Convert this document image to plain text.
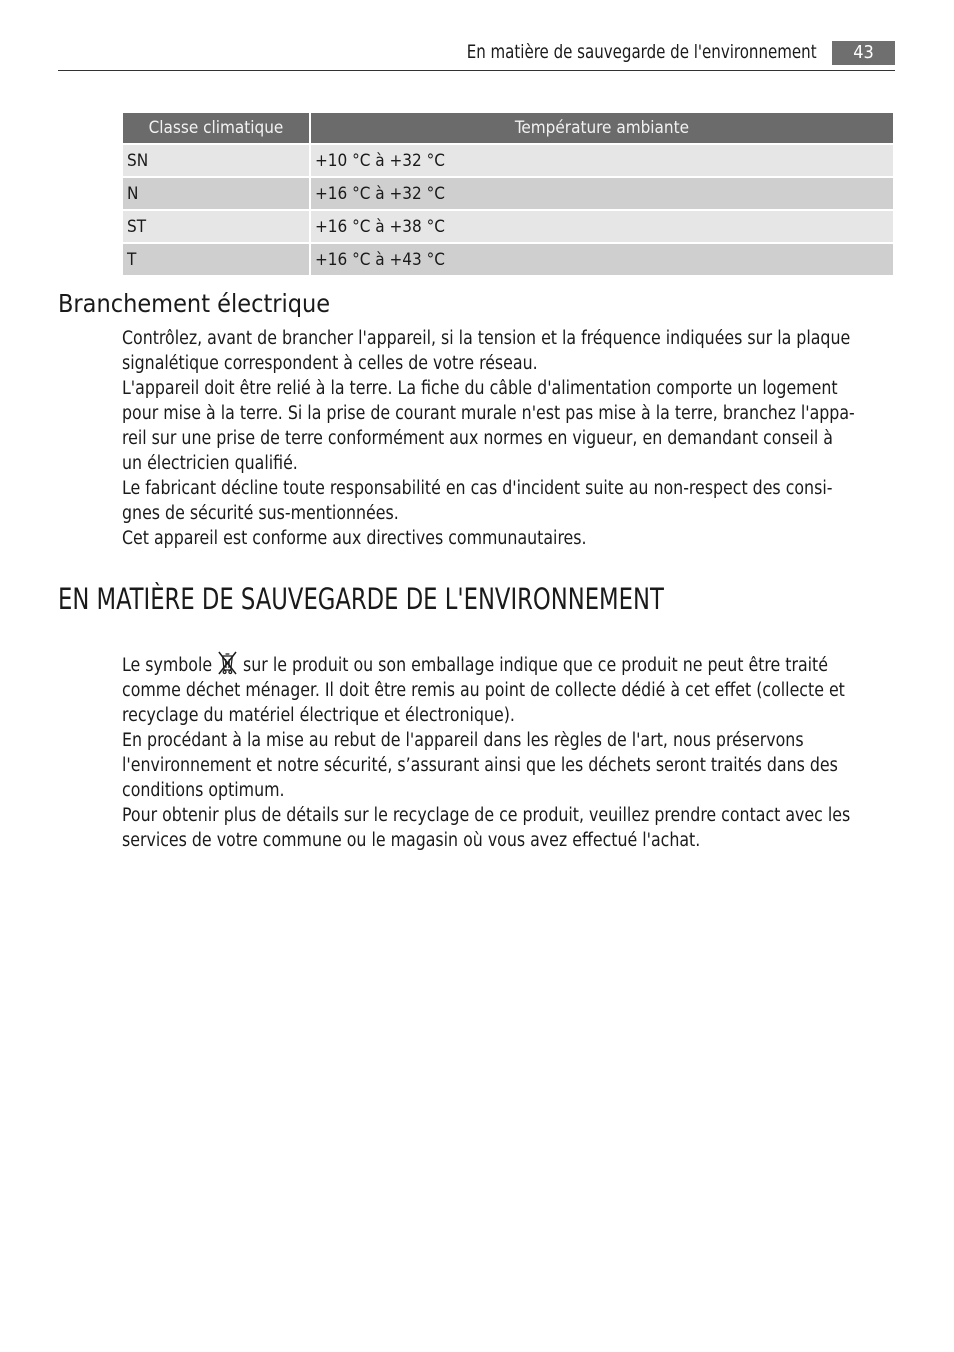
En matière de sauvegarde de l'environnement	43
Classe climatique	Température ambiante
SN	+10 °C à +32 °C
N	+16 °C à +32 °C
ST	+16 °C à +38 °C
T	+16 °C à +43 °C
Branchement électrique

Contrôlez, avant de brancher l'appareil, si la tension et la fréquence indiquées sur la plaque
signalétique correspondent à celles de votre réseau.
L'appareil doit être relié à la terre. La fiche du câble d'alimentation comporte un logement
pour mise à la terre. Si la prise de courant murale n'est pas mise à la terre, branchez l'appa-
reil sur une prise de terre conformément aux normes en vigueur, en demandant conseil à
un électricien qualifié.
Le fabricant décline toute responsabilité en cas d'incident suite au non-respect des consi-
gnes de sécurité sus-mentionnées.
Cet appareil est conforme aux directives communautaires.

EN MATIÈRE DE SAUVEGARDE DE L'ENVIRONNEMENT

Le symbole sur le produit ou son emballage indique que ce produit ne peut être traité
comme déchet ménager. Il doit être remis au point de collecte dédié à cet effet (collecte et
recyclage du matériel électrique et électronique).
En procédant à la mise au rebut de l'appareil dans les règles de l'art, nous préservons
l'environnement et notre sécurité, s’assurant ainsi que les déchets seront traités dans des
conditions optimum.
Pour obtenir plus de détails sur le recyclage de ce produit, veuillez prendre contact avec les
services de votre commune ou le magasin où vous avez effectué l'achat.
